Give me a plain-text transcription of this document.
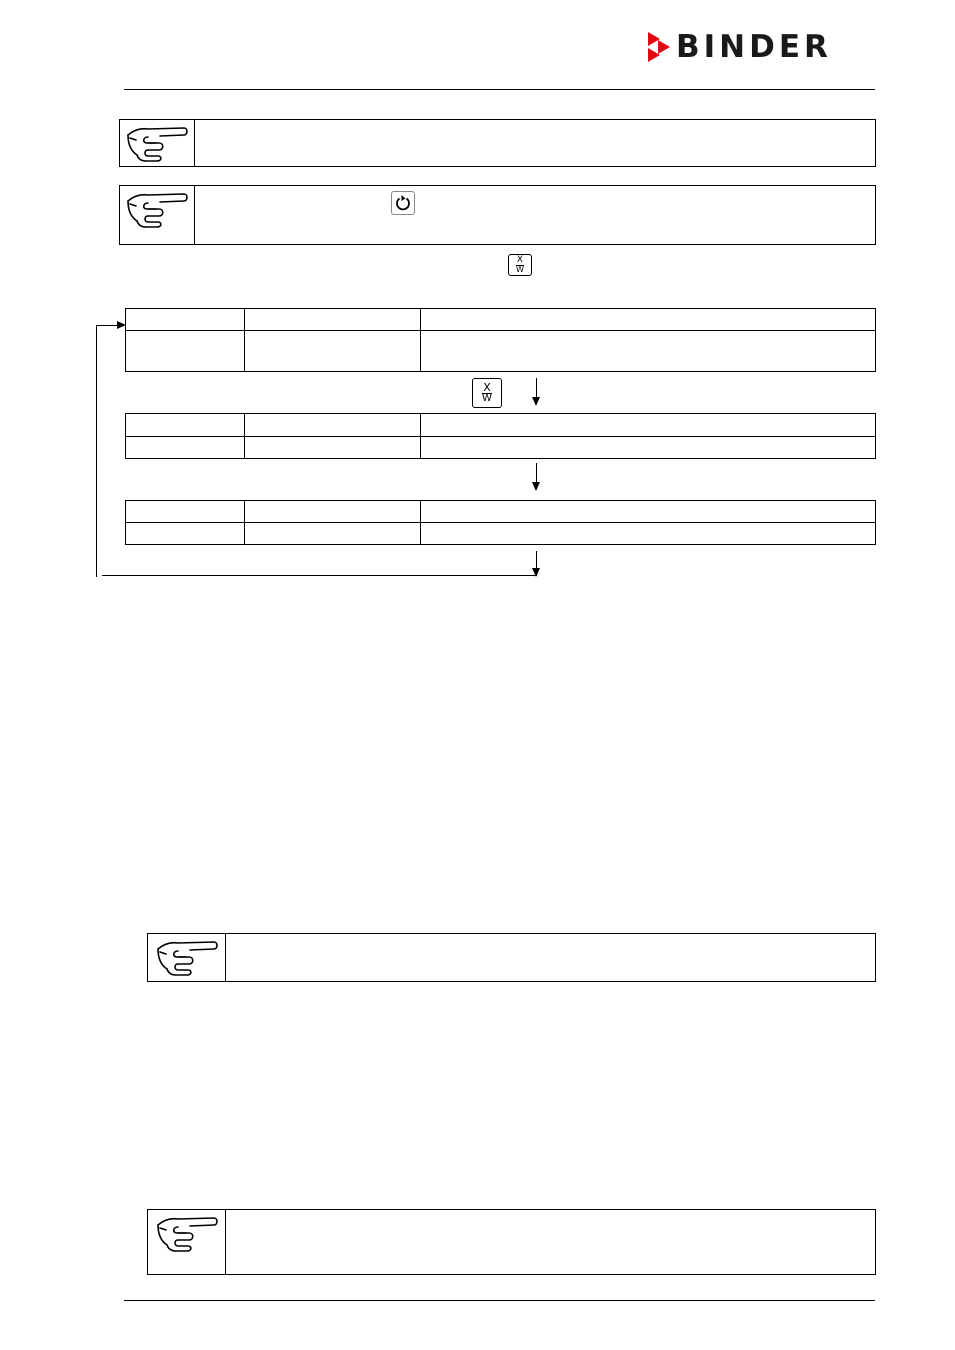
BINDER
X
W

X
W
